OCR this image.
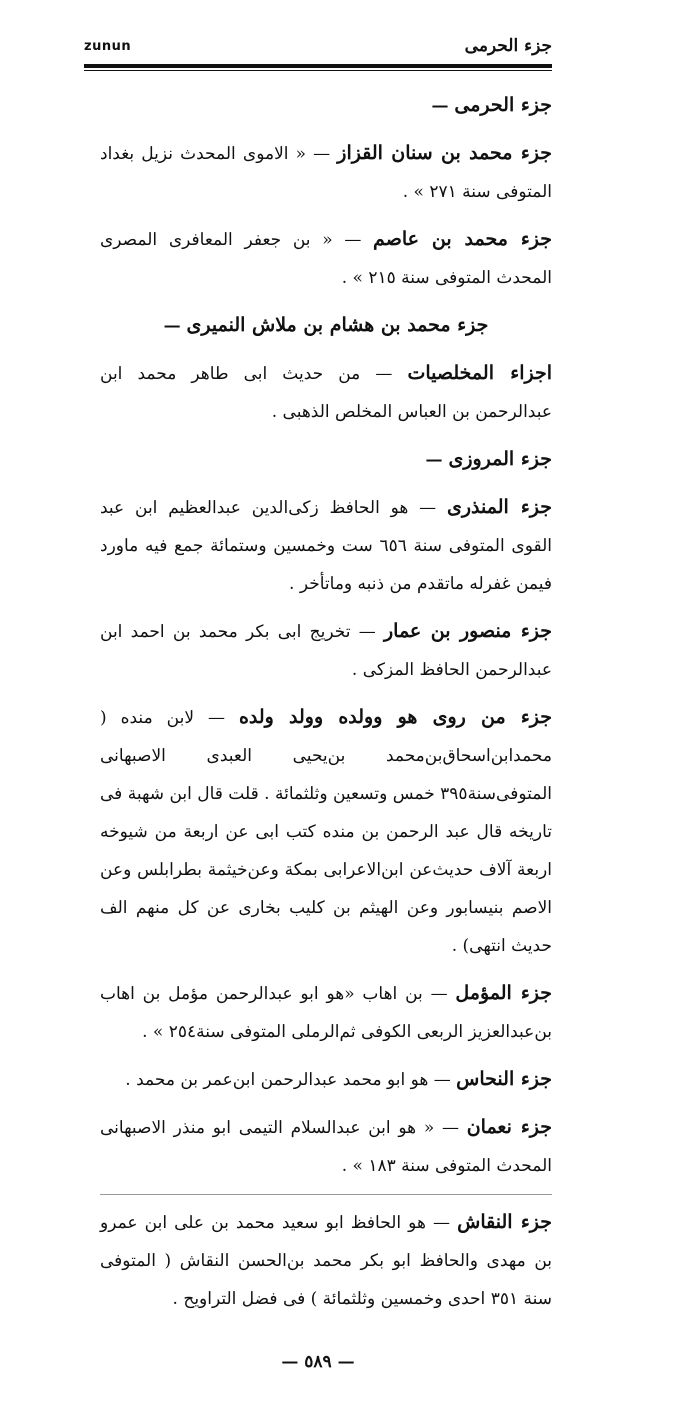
zunun	جزء الحرمى

جزء الحرمى —

جزء محمد بن سنان القزاز — « الاموى المحدث نزيل بغداد المتوفى سنة ٢٧١ » .

جزء محمد بن عاصم — « بن جعفر المعافرى المصرى المحدث المتوفى سنة ٢١٥ » .

جزء محمد بن هشام بن ملاش النميرى —

اجزاء المخلصيات — من حديث ابى طاهر محمد ابن عبدالرحمن بن العباس المخلص الذهبى .

جزء المروزى —

جزء المنذرى — هو الحافظ زكى‌الدين عبدالعظيم ابن عبد القوى المتوفى سنة ٦٥٦ ست وخمسين وستمائة جمع فيه ماورد فيمن غفرله ماتقدم من ذنبه وماتأخر .

جزء منصور بن عمار — تخريج ابى بكر محمد بن احمد ابن عبدالرحمن الحافظ المزكى .

جزء من روى هو وولده وولد ولده — لابن منده ( محمدابن‌اسحاق‌بن‌محمد بن‌يحيى العبدى الاصبهانى المتوفى‌سنة٣٩٥ خمس وتسعين وثلثمائة . قلت قال ابن شهبة فى تاريخه قال عبد الرحمن بن منده كتب ابى عن اربعة من شيوخه اربعة آلاف حديث‌عن ابن‌الاعرابى بمكة وعن‌خيثمة بطرابلس وعن الاصم بنيسابور وعن الهيثم بن كليب بخارى عن كل منهم الف حديث انتهى) .

جزء المؤمل — بن اهاب «هو ابو عبدالرحمن مؤمل بن اهاب بن‌عبدالعزيز الربعى الكوفى ثم‌الرملى المتوفى سنة٢٥٤ » .

جزء النحاس — هو ابو محمد عبدالرحمن ابن‌عمر بن محمد .

جزء نعمان — « هو ابن عبدالسلام التيمى ابو منذر الاصبهانى المحدث المتوفى سنة ١٨٣ » .

جزء النقاش — هو الحافظ ابو سعيد محمد بن على ابن عمرو بن مهدى والحافظ ابو بكر محمد بن‌الحسن النقاش ( المتوفى سنة ٣٥١ احدى وخمسين وثلثمائة ) فى فضل التراويح .

— ٥٨٩ —
